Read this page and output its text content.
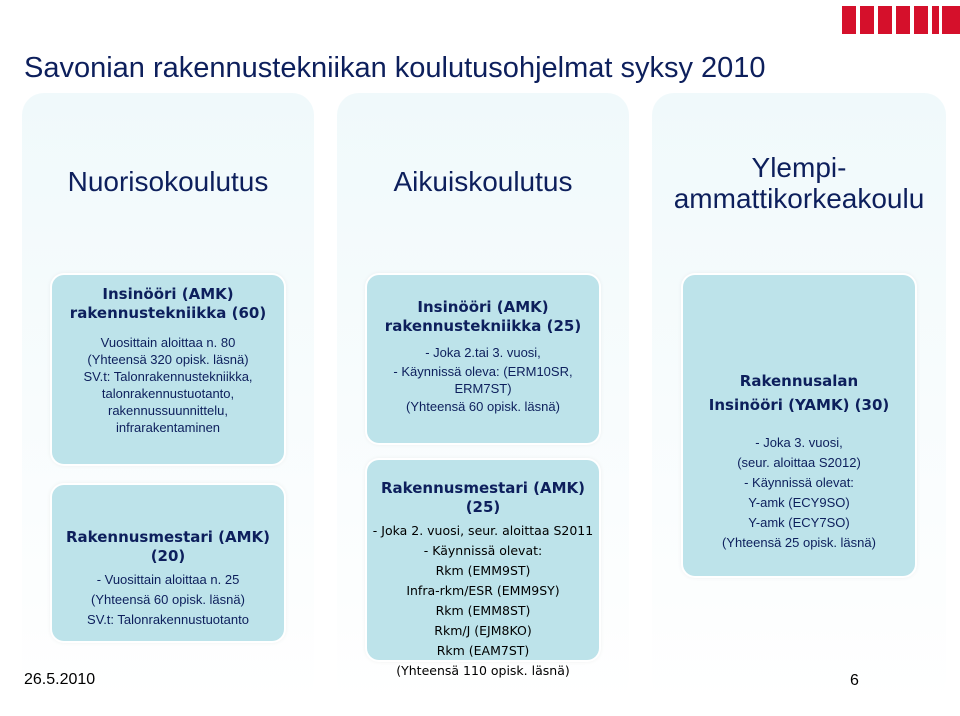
Savonian rakennustekniikan koulutusohjelmat syksy 2010
Nuorisokoulutus
Insinööri (AMK)
rakennustekniikka (60)
Vuosittain aloittaa n. 80
(Yhteensä 320 opisk. läsnä)
SV.t: Talonrakennustekniikka,
talonrakennustuotanto,
rakennussuunnittelu,
infrarakentaminen
Rakennusmestari (AMK)
(20)
- Vuosittain aloittaa n. 25
(Yhteensä 60 opisk. läsnä)
SV.t: Talonrakennustuotanto
Aikuiskoulutus
Insinööri (AMK)
rakennustekniikka (25)
- Joka 2.tai 3. vuosi,
- Käynnissä oleva: (ERM10SR,
ERM7ST)
(Yhteensä 60 opisk. läsnä)
Rakennusmestari (AMK)
(25)
- Joka 2. vuosi, seur. aloittaa S2011
- Käynnissä olevat:
Rkm (EMM9ST)
Infra-rkm/ESR (EMM9SY)
Rkm (EMM8ST)
Rkm/J (EJM8KO)
Rkm (EAM7ST)
(Yhteensä 110 opisk. läsnä)
Ylempi-
ammattikorkeakoulu
Rakennusalan
Insinööri (YAMK) (30)
- Joka 3. vuosi,
(seur. aloittaa S2012)
- Käynnissä olevat:
Y-amk (ECY9SO)
Y-amk (ECY7SO)
(Yhteensä 25 opisk. läsnä)
26.5.2010	6
